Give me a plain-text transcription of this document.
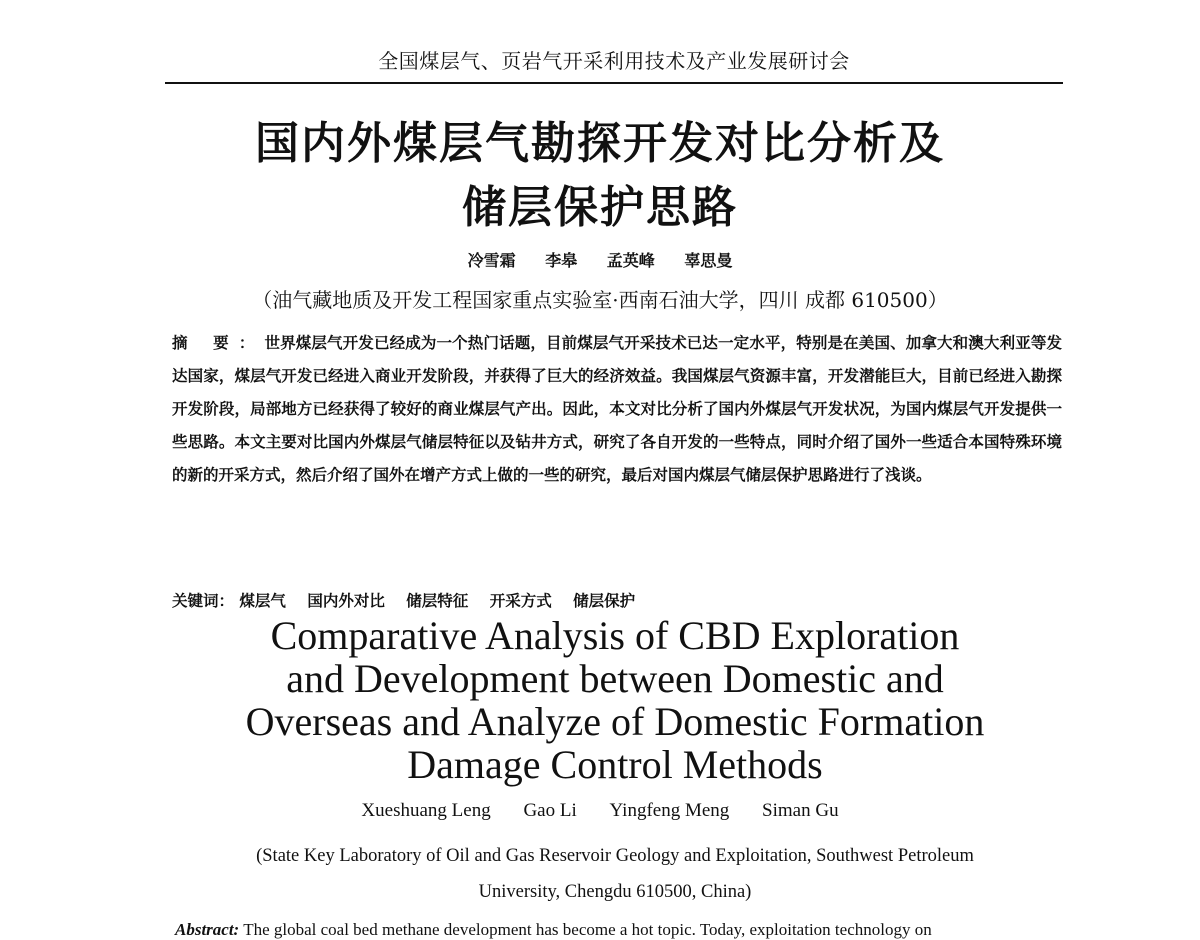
全国煤层气、页岩气开采利用技术及产业发展研讨会
国内外煤层气勘探开发对比分析及
储层保护思路
冷雪霜 李皋 孟英峰 辜思曼
（油气藏地质及开发工程国家重点实验室·西南石油大学，四川 成都 610500）
摘 要：世界煤层气开发已经成为一个热门话题，目前煤层气开采技术已达一定水平，特别是在美国、加拿大和澳大利亚等发达国家，煤层气开发已经进入商业开发阶段，并获得了巨大的经济效益。我国煤层气资源丰富，开发潜能巨大，目前已经进入勘探开发阶段，局部地方已经获得了较好的商业煤层气产出。因此，本文对比分析了国内外煤层气开发状况，为国内煤层气开发提供一些思路。本文主要对比国内外煤层气储层特征以及钻井方式，研究了各自开发的一些特点，同时介绍了国外一些适合本国特殊环境的新的开采方式，然后介绍了国外在增产方式上做的一些的研究，最后对国内煤层气储层保护思路进行了浅谈。
关键词： 煤层气 国内外对比 储层特征 开采方式 储层保护
Comparative Analysis of CBD Exploration
and Development between Domestic and
Overseas and Analyze of Domestic Formation
Damage Control Methods
Xueshuang Leng Gao Li Yingfeng Meng Siman Gu
(State Key Laboratory of Oil and Gas Reservoir Geology and Exploitation, Southwest Petroleum
University, Chengdu 610500, China)
Abstract: The global coal bed methane development has become a hot topic. Today, exploitation technology on
